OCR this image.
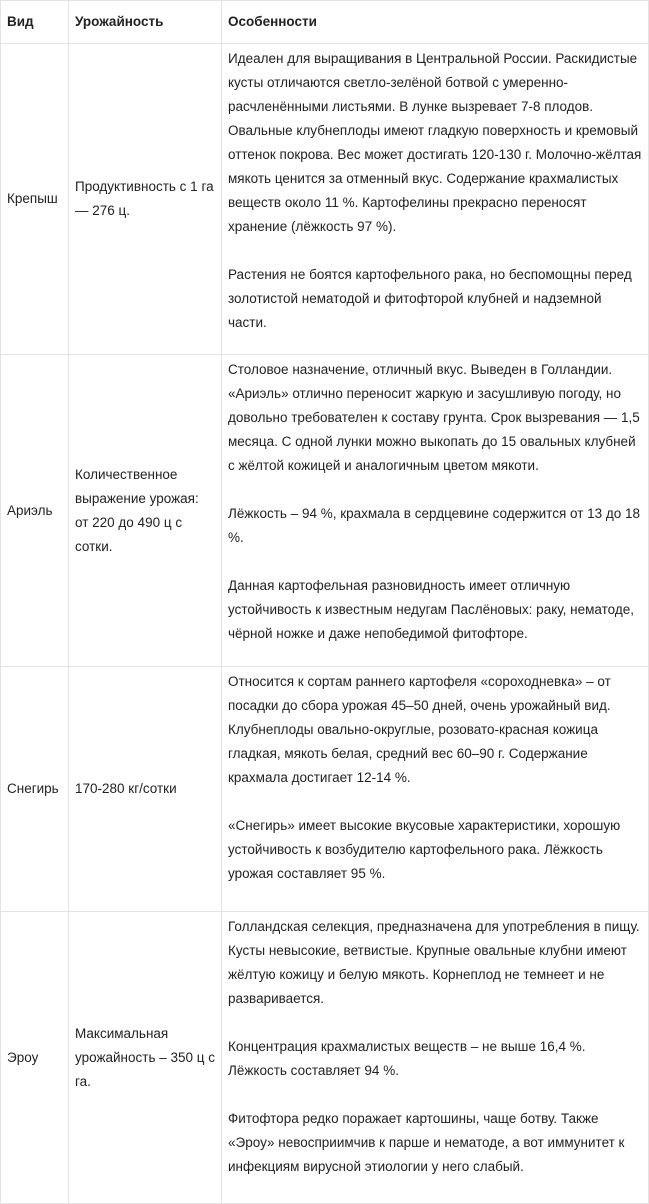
Вид	Урожайность	Особенности
Крепыш	Продуктивность с 1 га — 276 ц.	Идеален для выращивания в Центральной России. Раскидистые кусты отличаются светло-зелёной ботвой с умеренно-расчленёнными листьями. В лунке вызревает 7-8 плодов. Овальные клубнеплоды имеют гладкую поверхность и кремовый оттенок покрова. Вес может достигать 120-130 г. Молочно-жёлтая мякоть ценится за отменный вкус. Содержание крахмалистых веществ около 11 %. Картофелины прекрасно переносят хранение (лёжкость 97 %).

Растения не боятся картофельного рака, но беспомощны перед золотистой нематодой и фитофторой клубней и надземной части.

Ариэль	Количественное выражение урожая: от 220 до 490 ц с сотки.	Столовое назначение, отличный вкус. Выведен в Голландии. «Ариэль» отлично переносит жаркую и засушливую погоду, но довольно требователен к составу грунта. Срок вызревания — 1,5 месяца. С одной лунки можно выкопать до 15 овальных клубней с жёлтой кожицей и аналогичным цветом мякоти.

Лёжкость – 94 %, крахмала в сердцевине содержится от 13 до 18 %.

Данная картофельная разновидность имеет отличную устойчивость к известным недугам Паслёновых: раку, нематоде, чёрной ножке и даже непобедимой фитофторе.

Снегирь	170-280 кг/сотки	Относится к сортам раннего картофеля «сороходневка» – от посадки до сбора урожая 45–50 дней, очень урожайный вид. Клубнеплоды овально-округлые, розовато-красная кожица гладкая, мякоть белая, средний вес 60–90 г. Содержание крахмала достигает 12-14 %.

«Снегирь» имеет высокие вкусовые характеристики, хорошую устойчивость к возбудителю картофельного рака. Лёжкость урожая составляет 95 %.

Эроу	Максимальная урожайность – 350 ц с га.	Голландская селекция, предназначена для употребления в пищу. Кусты невысокие, ветвистые. Крупные овальные клубни имеют жёлтую кожицу и белую мякоть. Корнеплод не темнеет и не разваривается.

Концентрация крахмалистых веществ – не выше 16,4 %. Лёжкость составляет 94 %.

Фитофтора редко поражает картошины, чаще ботву. Также «Эроу» невосприимчив к парше и нематоде, а вот иммунитет к инфекциям вирусной этиологии у него слабый.
